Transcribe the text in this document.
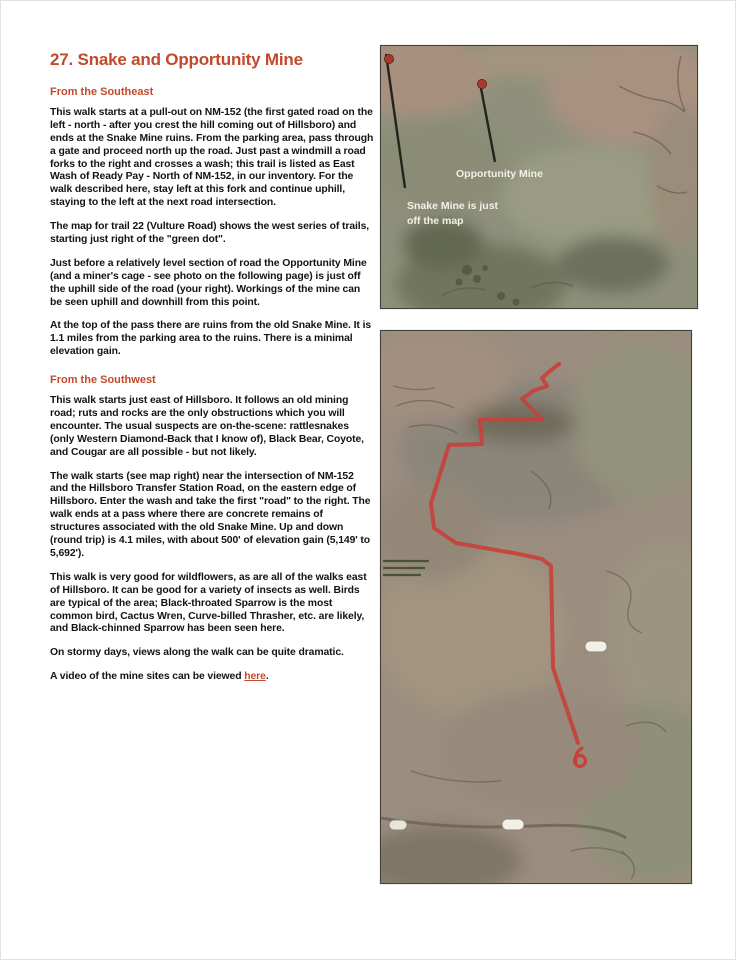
27. Snake and Opportunity Mine
From the Southeast

This walk starts at a pull-out on NM-152 (the first gated road on the left - north - after you crest the hill coming out of Hillsboro) and ends at the Snake Mine ruins. From the parking area, pass through a gate and proceed north up the road. Just past a windmill a road forks to the right and crosses a wash; this trail is listed as East Wash of Ready Pay - North of NM-152, in our inventory. For the walk described here, stay left at this fork and continue uphill, staying to the left at the next road intersection.

The map for trail 22 (Vulture Road) shows the west series of trails, starting just right of the "green dot".

Just before a relatively level section of road the Opportunity Mine (and a miner's cage - see photo on the following page) is just off the uphill side of the road (your right). Workings of the mine can be seen uphill and downhill from this point.

At the top of the pass there are ruins from the old Snake Mine. It is 1.1 miles from the parking area to the ruins. There is a minimal elevation gain.

From the Southwest

This walk starts just east of Hillsboro. It follows an old mining road; ruts and rocks are the only obstructions which you will encounter. The usual suspects are on-the-scene: rattlesnakes (only Western Diamond-Back that I know of), Black Bear, Coyote, and Cougar are all possible - but not likely.

The walk starts (see map right) near the intersection of NM-152 and the Hillsboro Transfer Station Road, on the eastern edge of Hillsboro. Enter the wash and take the first "road" to the right. The walk ends at a pass where there are concrete remains of structures associated with the old Snake Mine. Up and down (round trip) is 4.1 miles, with about 500' of elevation gain (5,149' to 5,692').

This walk is very good for wildflowers, as are all of the walks east of Hillsboro. It can be good for a variety of insects as well. Birds are typical of the area; Black-throated Sparrow is the most common bird, Cactus Wren, Curve-billed Thrasher, etc. are likely, and Black-chinned Sparrow has been seen here.

On stormy days, views along the walk can be quite dramatic.

A video of the mine sites can be viewed here.

Opportunity Mine
Snake Mine is just
off the map
